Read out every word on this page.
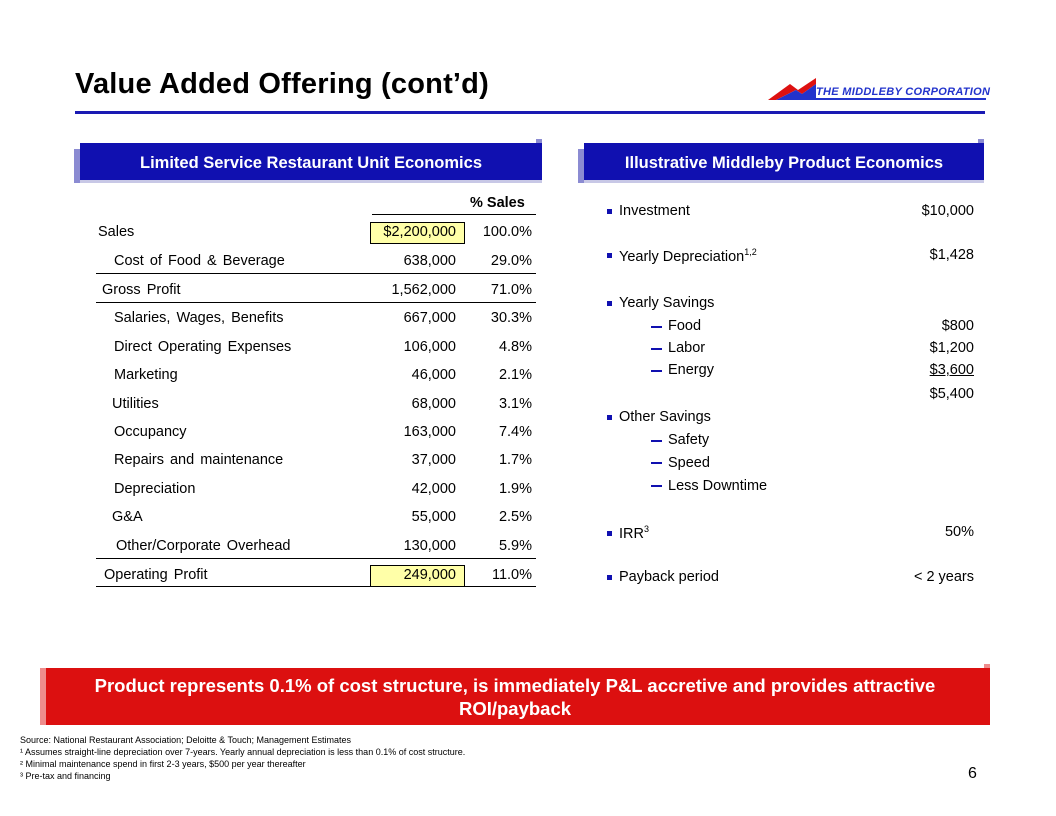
Value Added Offering (cont’d)	THE MIDDLEBY CORPORATION
Limited Service Restaurant Unit Economics
% Sales
Sales	$2,200,000 100.0%
Cost of Food & Beverage	638,000 29.0%
Gross Profit	1,562,000 71.0%
Salaries, Wages, Benefits	667,000 30.3%
Direct Operating Expenses	106,000	4.8%
Marketing	46,000	2.1%
Utilities	68,000	3.1%
Occupancy	163,000	7.4%
Repairs and maintenance	37,000	1.7%
Depreciation	42,000	1.9%
G&A	55,000	2.5%
Other/Corporate Overhead	130,000	5.9%
Operating Profit	249,000 11.0%
Illustrative Middleby Product Economics
Investment	$10,000
Yearly Depreciation$^{1,2}$	$1,428
Yearly Savings
Food	$800
Labor	$1,200
Energy	$3,600
$5,400
Other Savings
Safety
Speed
Less Downtime
IRR$^3$	50%
Payback period	< 2 years
Product represents 0.1% of cost structure, is immediately P&L accretive and provides attractive ROI/payback
Source: National Restaurant Association; Deloitte & Touch; Management Estimates
¹ Assumes straight-line depreciation over 7-years. Yearly annual depreciation is less than 0.1% of cost structure.
² Minimal maintenance spend in first 2-3 years, $500 per year thereafter
³ Pre-tax and financing	6
